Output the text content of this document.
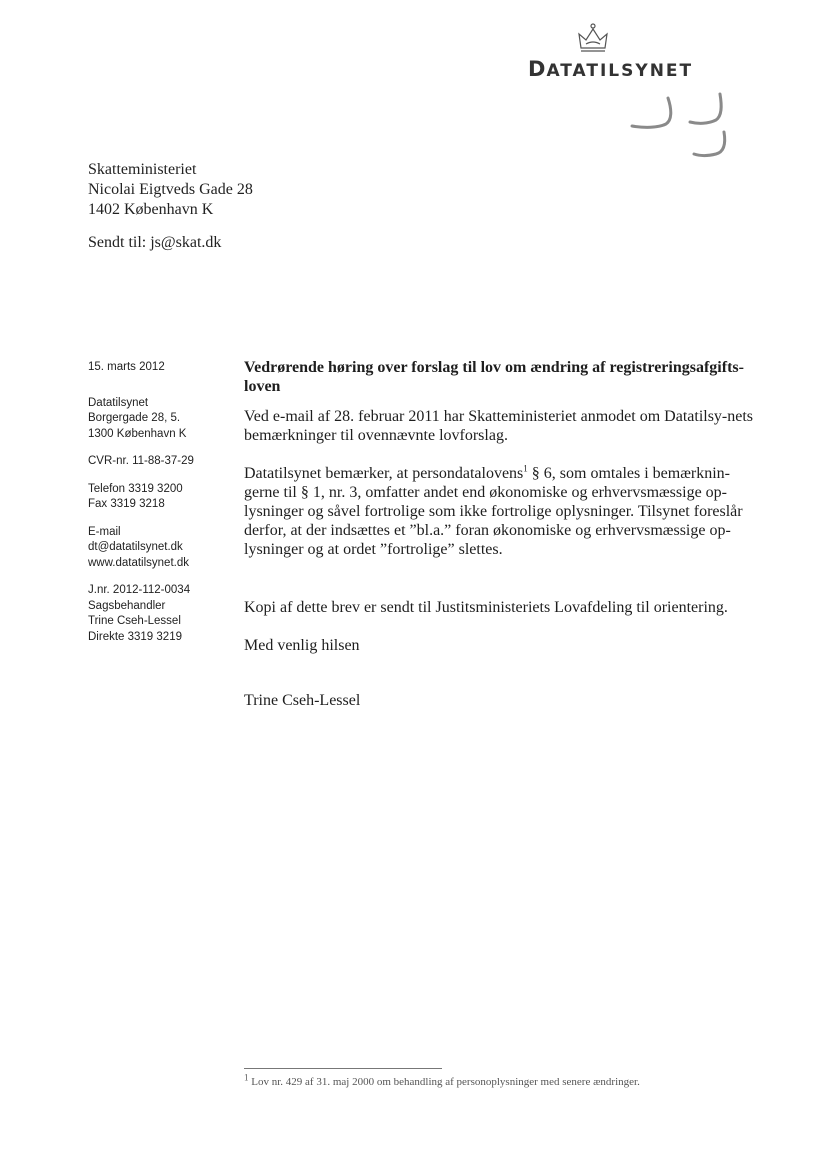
DATATILSYNET
Skatteministeriet
Nicolai Eigtveds Gade 28
1402 København K
Sendt til: js@skat.dk
15. marts 2012
Datatilsynet
Borgergade 28, 5.
1300 København K
CVR-nr. 11-88-37-29
Telefon 3319 3200
Fax 3319 3218
E-mail
dt@datatilsynet.dk
www.datatilsynet.dk
J.nr. 2012-112-0034
Sagsbehandler
Trine Cseh-Lessel
Direkte 3319 3219
Vedrørende høring over forslag til lov om ændring af registreringsafgifts-loven

Ved e-mail af 28. februar 2011 har Skatteministeriet anmodet om Datatilsy-nets bemærkninger til ovennævnte lovforslag.

Datatilsynet bemærker, at persondatalovens$^1$ § 6, som omtales i bemærknin-gerne til § 1, nr. 3, omfatter andet end økonomiske og erhvervsmæssige op-lysninger og såvel fortrolige som ikke fortrolige oplysninger. Tilsynet foreslår derfor, at der indsættes et ”bl.a.” foran økonomiske og erhvervsmæssige op-lysninger og at ordet ”fortrolige” slettes.

Kopi af dette brev er sendt til Justitsministeriets Lovafdeling til orientering.

Med venlig hilsen

Trine Cseh-Lessel

$^1$ Lov nr. 429 af 31. maj 2000 om behandling af personoplysninger med senere ændringer.
